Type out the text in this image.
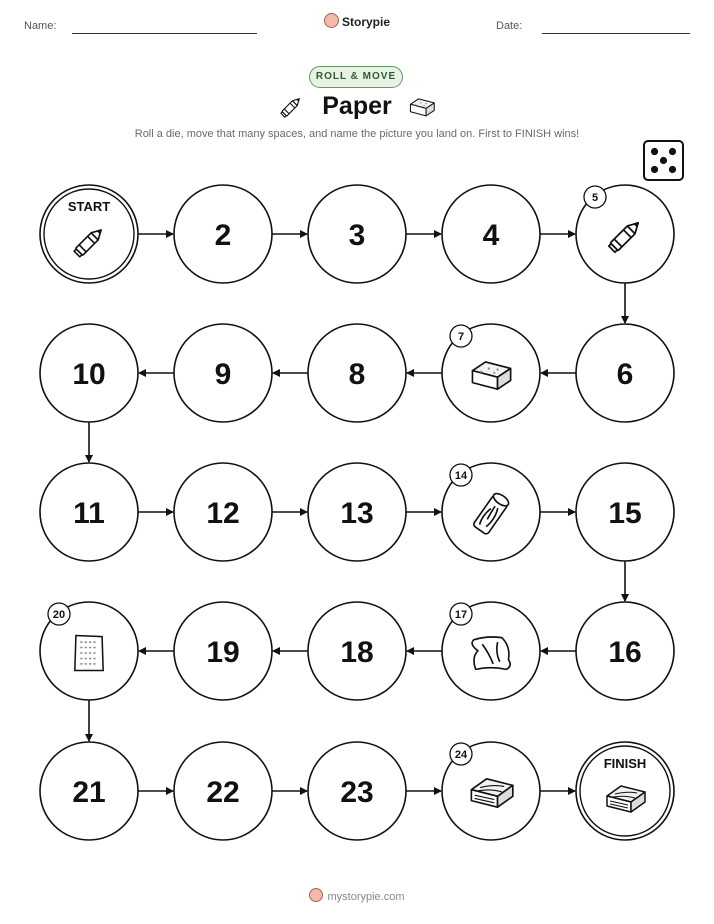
Name:	Storypie	Date:
ROLL & MOVE
Paper
Roll a die, move that many spaces, and name the picture you land on. First to FINISH wins!
mystorypie.com
START
2	3	4
5
6
7
8
9
10
11	12	13
14
15
16
17
18
19
20
21	22	23
24
FINISH
